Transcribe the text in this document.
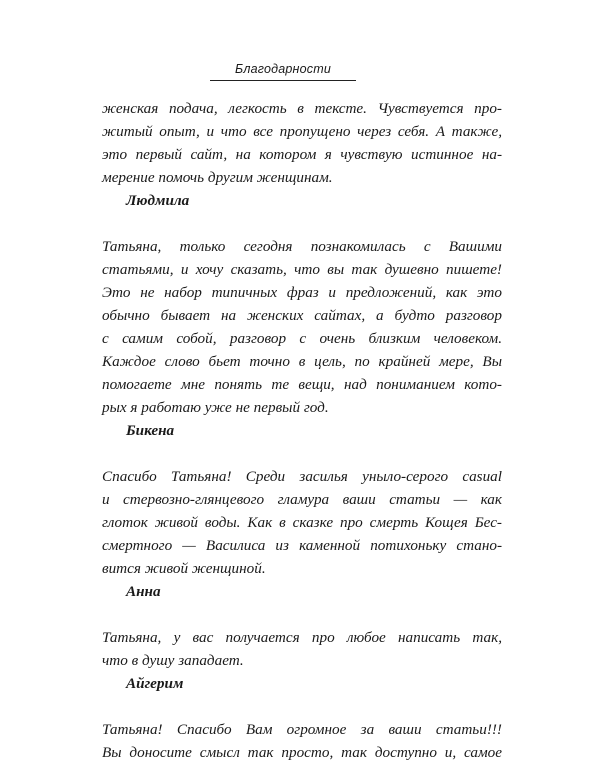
Благодарности
женская подача, легкость в тексте. Чувствуется про-
житый опыт, и что все пропущено через себя. А также,
это первый сайт, на котором я чувствую истинное на-
мерение помочь другим женщинам.
Людмила
Татьяна, только сегодня познакомилась с Вашими
статьями, и хочу сказать, что вы так душевно пишете!
Это не набор типичных фраз и предложений, как это
обычно бывает на женских сайтах, а будто разговор
с самим собой, разговор с очень близким человеком.
Каждое слово бьет точно в цель, по крайней мере, Вы
помогаете мне понять те вещи, над пониманием кото-
рых я работаю уже не первый год.
Бикена
Спасибо Татьяна! Среди засилья уныло-серого casual
и стервозно-глянцевого гламура ваши статьи — как
глоток живой воды. Как в сказке про смерть Кощея Бес-
смертного — Василиса из каменной потихоньку стано-
вится живой женщиной.
Анна
Татьяна, у вас получается про любое написать так,
что в душу западает.
Айгерим
Татьяна! Спасибо Вам огромное за ваши статьи!!!
Вы доносите смысл так просто, так доступно и, самое
